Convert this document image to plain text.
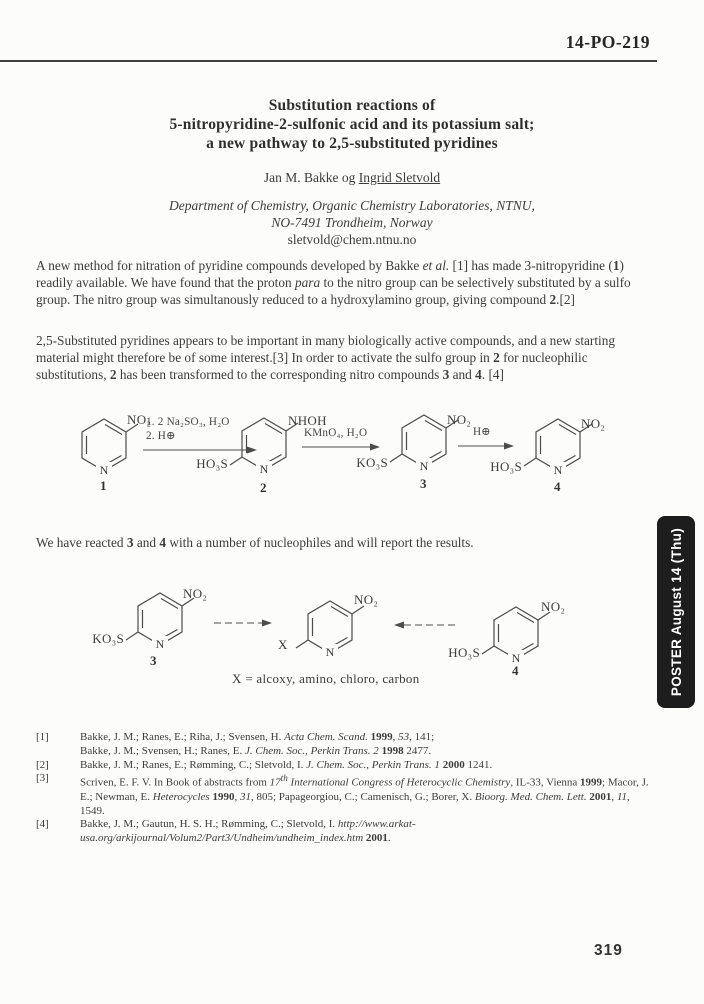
14-PO-219
Substitution reactions of
5-nitropyridine-2-sulfonic acid and its potassium salt;
a new pathway to 2,5-substituted pyridines
Jan M. Bakke og Ingrid Sletvold
Department of Chemistry, Organic Chemistry Laboratories, NTNU,
NO-7491 Trondheim, Norway
sletvold@chem.ntnu.no
A new method for nitration of pyridine compounds developed by Bakke et al. [1] has made 3-nitropyridine (1) readily available. We have found that the proton para to the nitro group can be selectively substituted by a sulfo group. The nitro group was simultanously reduced to a hydroxylamino group, giving compound 2.[2]
2,5-Substituted pyridines appears to be important in many biologically active compounds, and a new starting material might therefore be of some interest.[3] In order to activate the sulfo group in 2 for nucleophilic substitutions, 2 has been transformed to the corresponding nitro compounds 3 and 4. [4]
N
NO₂
1
1. 2 Na₂SO₃, H₂O
2. H⊕
N
NHOH
HO₃S
2
KMnO₄, H₂O
N
NO₂
KO₃S
3
H⊕
N
NO₂
HO₃S
4
We have reacted 3 and 4 with a number of nucleophiles and will report the results.
N
NO₂
KO₃S
3
N
NO₂
X
N
NO₂
HO₃S
4
X = alcoxy, amino, chloro, carbon
[1]	Bakke, J. M.; Ranes, E.; Riha, J.; Svensen, H. Acta Chem. Scand. 1999, 53, 141;
Bakke, J. M.; Svensen, H.; Ranes, E. J. Chem. Soc., Perkin Trans. 2 1998 2477.
[2]	Bakke, J. M.; Ranes, E.; Rømming, C.; Sletvold, I. J. Chem. Soc., Perkin Trans. 1 2000 1241.
[3]	Scriven, E. F. V. In Book of abstracts from 17th International Congress of Heterocyclic Chemistry, IL-33, Vienna 1999; Macor, J. E.; Newman, E. Heterocycles 1990, 31, 805; Papageorgiou, C.; Camenisch, G.; Borer, X. Bioorg. Med. Chem. Lett. 2001, 11, 1549.
[4]	Bakke, J. M.; Gautun, H. S. H.; Rømming, C.; Sletvold, I. http://www.arkat-
usa.org/arkijournal/Volum2/Part3/Undheim/undheim_index.htm 2001.
POSTER August 14 (Thu)
319
